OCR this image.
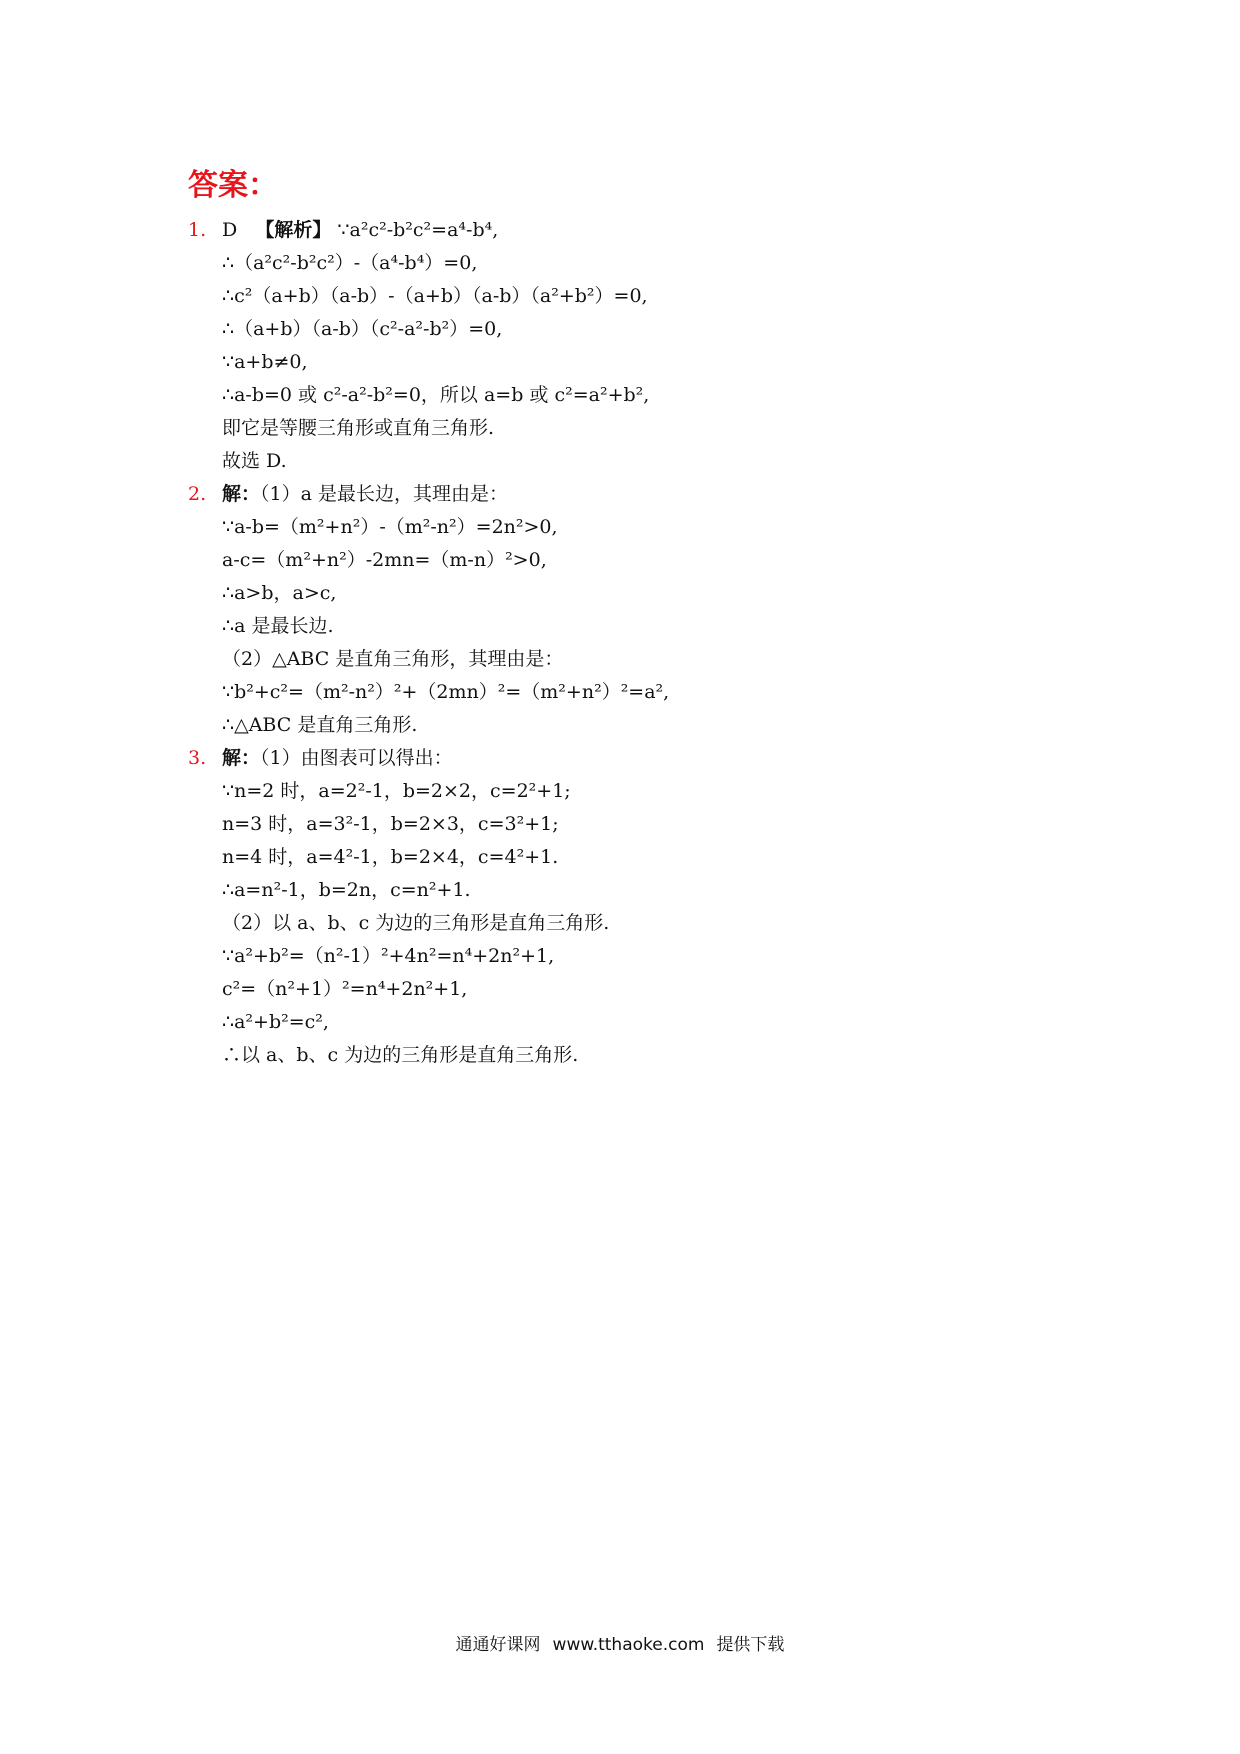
答案：
1. D 【解析】 ∵a²c²-b²c²=a⁴-b⁴,
∴（a²c²-b²c²）-（a⁴-b⁴）=0,
∴c²（a+b）（a-b）-（a+b）（a-b）（a²+b²）=0,
∴（a+b）（a-b）（c²-a²-b²）=0,
∵a+b≠0,
∴a-b=0 或 c²-a²-b²=0，所以 a=b 或 c²=a²+b²,
即它是等腰三角形或直角三角形.
故选 D.
2. 解：（1）a 是最长边，其理由是：
∵a-b=（m²+n²）-（m²-n²）=2n²>0,
a-c=（m²+n²）-2mn=（m-n）²>0,
∴a>b，a>c,
∴a 是最长边.
（2）△ABC 是直角三角形，其理由是：
∵b²+c²=（m²-n²）²+（2mn）²=（m²+n²）²=a²,
∴△ABC 是直角三角形.
3. 解：（1）由图表可以得出：
∵n=2 时，a=2²-1，b=2×2，c=2²+1;
n=3 时，a=3²-1，b=2×3，c=3²+1;
n=4 时，a=4²-1，b=2×4，c=4²+1.
∴a=n²-1，b=2n，c=n²+1.
（2）以 a、b、c 为边的三角形是直角三角形.
∵a²+b²=（n²-1）²+4n²=n⁴+2n²+1,
c²=（n²+1）²=n⁴+2n²+1,
∴a²+b²=c²,
∴以 a、b、c 为边的三角形是直角三角形.
通通好课网 www.tthaoke.com 提供下载
